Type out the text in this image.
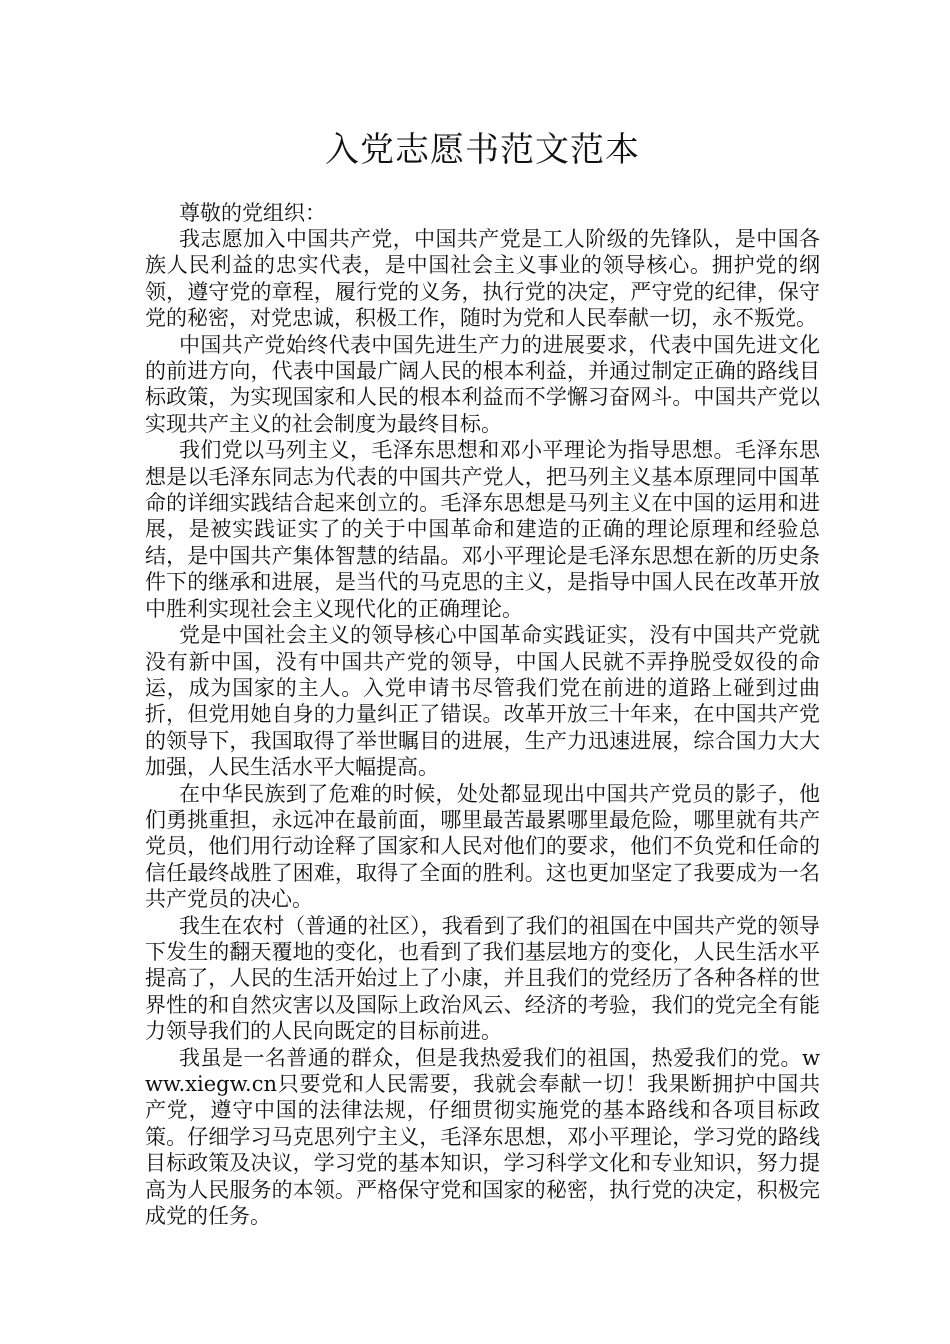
入党志愿书范文范本

尊敬的党组织：

我志愿加入中国共产党，中国共产党是工人阶级的先锋队，是中国各族人民利益的忠实代表，是中国社会主义事业的领导核心。拥护党的纲领，遵守党的章程，履行党的义务，执行党的决定，严守党的纪律，保守党的秘密，对党忠诚，积极工作，随时为党和人民奉献一切，永不叛党。

中国共产党始终代表中国先进生产力的进展要求，代表中国先进文化的前进方向，代表中国最广阔人民的根本利益，并通过制定正确的路线目标政策，为实现国家和人民的根本利益而不学懈习奋网斗。中国共产党以实现共产主义的社会制度为最终目标。

我们党以马列主义，毛泽东思想和邓小平理论为指导思想。毛泽东思想是以毛泽东同志为代表的中国共产党人，把马列主义基本原理同中国革命的详细实践结合起来创立的。毛泽东思想是马列主义在中国的运用和进展，是被实践证实了的关于中国革命和建造的正确的理论原理和经验总结，是中国共产集体智慧的结晶。邓小平理论是毛泽东思想在新的历史条件下的继承和进展，是当代的马克思的主义，是指导中国人民在改革开放中胜利实现社会主义现代化的正确理论。

党是中国社会主义的领导核心中国革命实践证实，没有中国共产党就没有新中国，没有中国共产党的领导，中国人民就不弄挣脱受奴役的命运，成为国家的主人。入党申请书尽管我们党在前进的道路上碰到过曲折，但党用她自身的力量纠正了错误。改革开放三十年来，在中国共产党的领导下，我国取得了举世瞩目的进展，生产力迅速进展，综合国力大大加强，人民生活水平大幅提高。

在中华民族到了危难的时候，处处都显现出中国共产党员的影子，他们勇挑重担，永远冲在最前面，哪里最苦最累哪里最危险，哪里就有共产党员，他们用行动诠释了国家和人民对他们的要求，他们不负党和任命的信任最终战胜了困难，取得了全面的胜利。这也更加坚定了我要成为一名共产党员的决心。

我生在农村（普通的社区），我看到了我们的祖国在中国共产党的领导下发生的翻天覆地的变化，也看到了我们基层地方的变化，人民生活水平提高了，人民的生活开始过上了小康，并且我们的党经历了各种各样的世界性的和自然灾害以及国际上政治风云、经济的考验，我们的党完全有能力领导我们的人民向既定的目标前进。

我虽是一名普通的群众，但是我热爱我们的祖国，热爱我们的党。www.xiegw.cn只要党和人民需要，我就会奉献一切！我果断拥护中国共产党，遵守中国的法律法规，仔细贯彻实施党的基本路线和各项目标政策。仔细学习马克思列宁主义，毛泽东思想，邓小平理论，学习党的路线目标政策及决议，学习党的基本知识，学习科学文化和专业知识，努力提高为人民服务的本领。严格保守党和国家的秘密，执行党的决定，积极完成党的任务。
